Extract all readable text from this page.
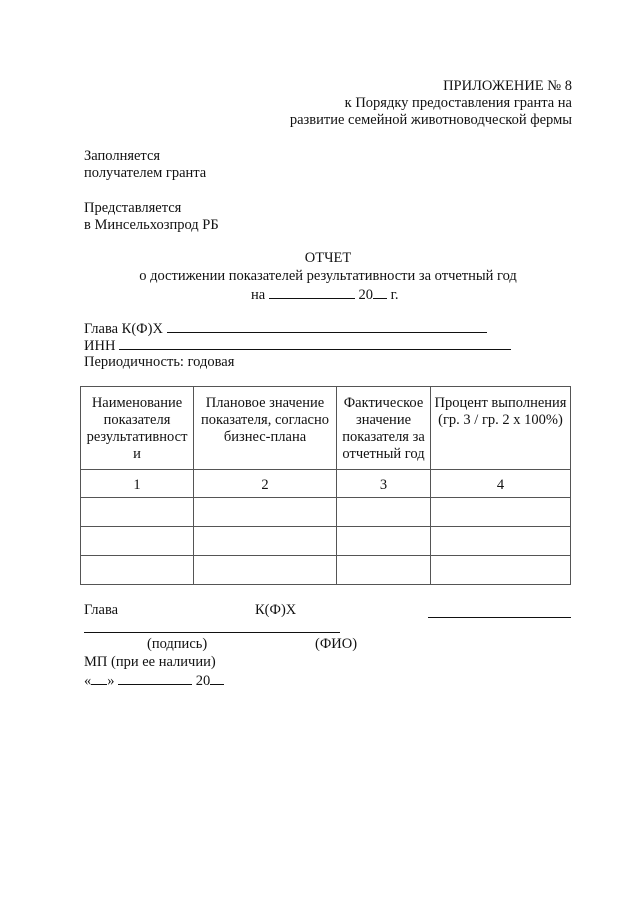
ПРИЛОЖЕНИЕ № 8
к Порядку предоставления гранта на
развитие семейной животноводческой фермы
Заполняется
получателем гранта
Представляется
в Минсельхозпрод РБ
ОТЧЕТ
о достижении показателей результативности за отчетный год
на	20 г.
Глава К(Ф)Х
ИНН
Периодичность: годовая
Наименование показателя результативност и	Плановое значение показателя, согласно бизнес-плана	Фактическое значение показателя за отчетный год	Процент выполнения (гр. 3 / гр. 2 х 100%)
1	2	3	4

Глава	К(Ф)Х
(подпись)	(ФИО)
МП (при ее наличии)
« »	20
